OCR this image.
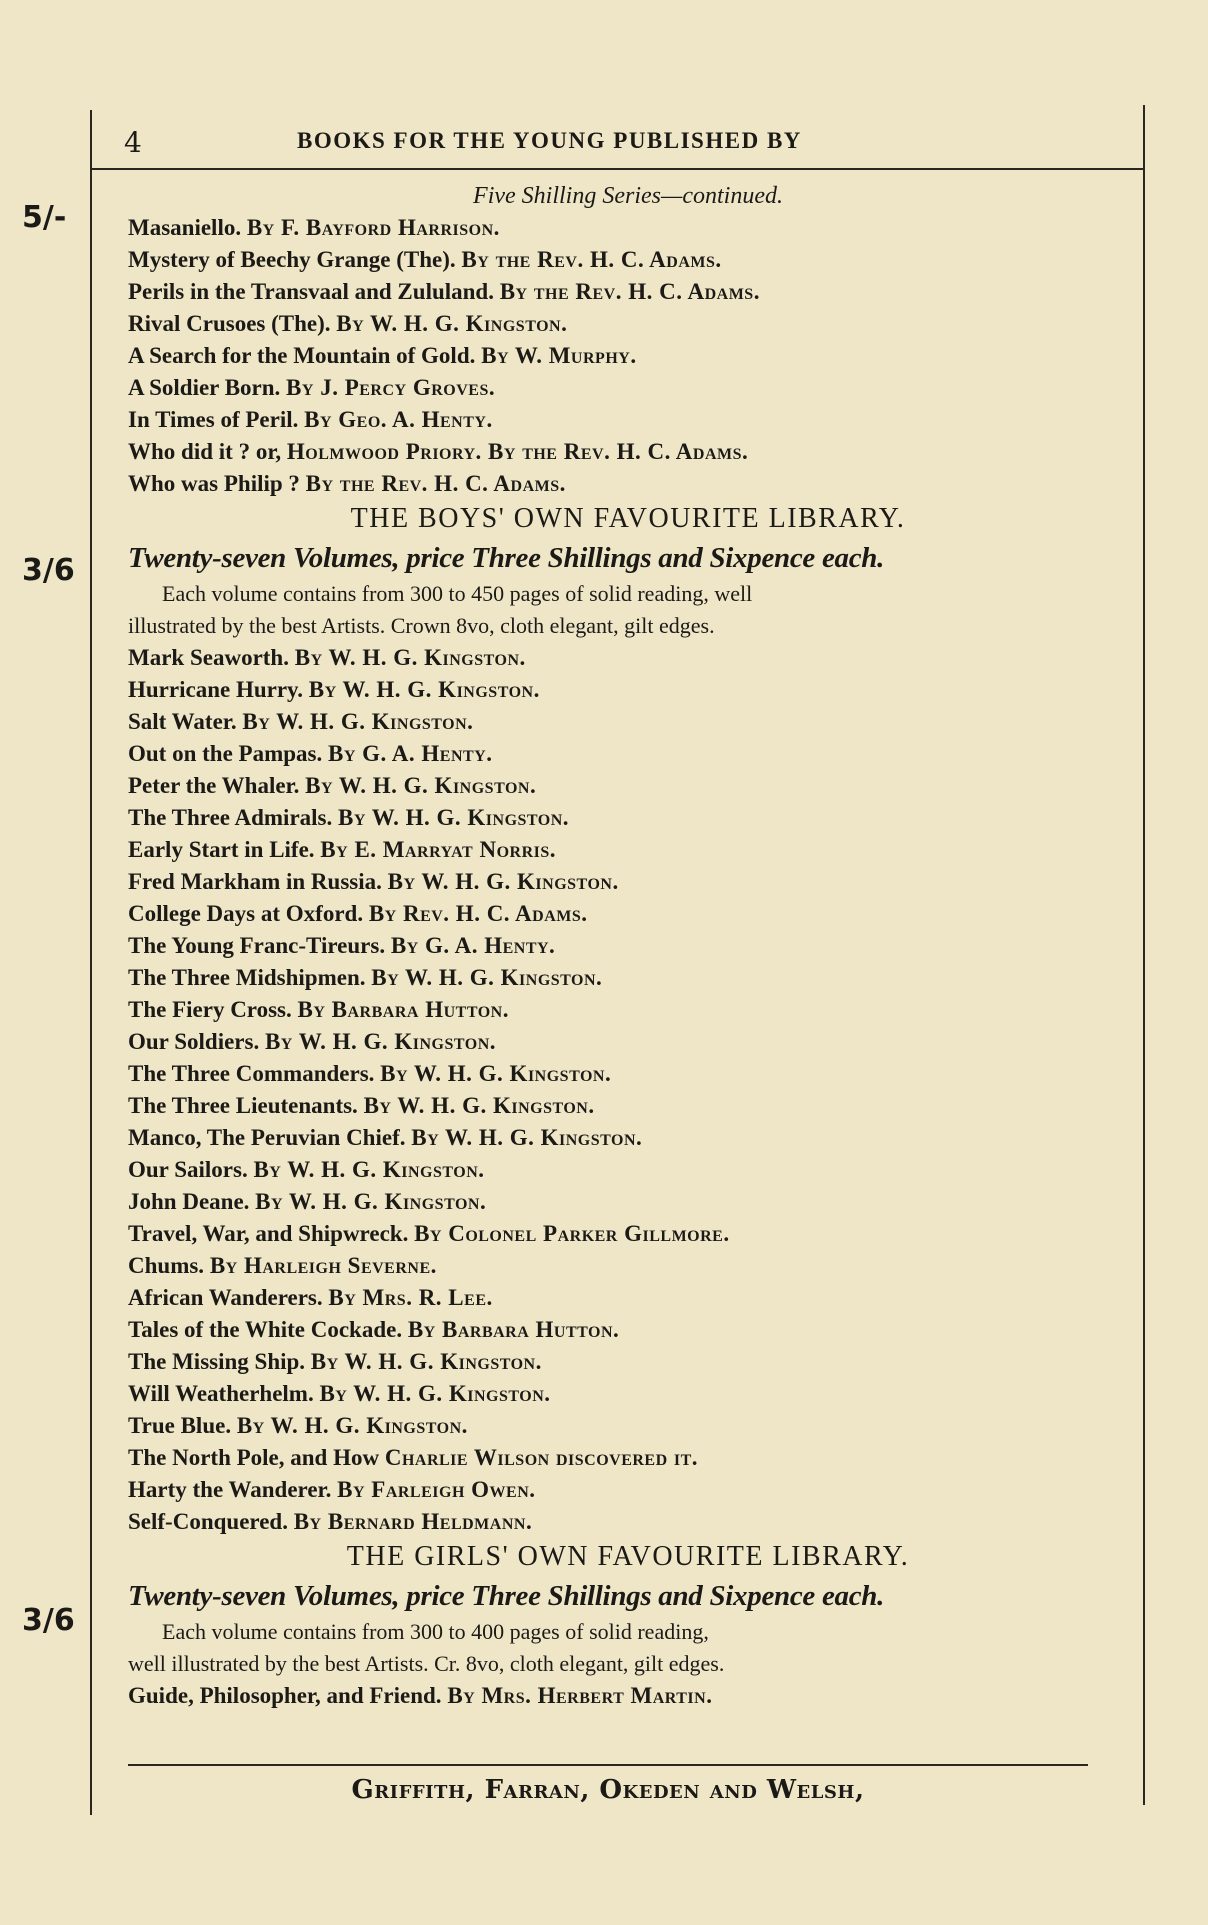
4	BOOKS FOR THE YOUNG PUBLISHED BY
5/-
3/6
3/6
Five Shilling Series—continued.
Masaniello. By F. Bayford Harrison.
Mystery of Beechy Grange (The). By the Rev. H. C. Adams.
Perils in the Transvaal and Zululand. By the Rev. H. C. Adams.
Rival Crusoes (The). By W. H. G. Kingston.
A Search for the Mountain of Gold. By W. Murphy.
A Soldier Born. By J. Percy Groves.
In Times of Peril. By Geo. A. Henty.
Who did it ? or, Holmwood Priory. By the Rev. H. C. Adams.
Who was Philip ? By the Rev. H. C. Adams.
THE BOYS' OWN FAVOURITE LIBRARY.
Twenty-seven Volumes, price Three Shillings and Sixpence each.
Each volume contains from 300 to 450 pages of solid reading, well
illustrated by the best Artists. Crown 8vo, cloth elegant, gilt edges.
Mark Seaworth. By W. H. G. Kingston.
Hurricane Hurry. By W. H. G. Kingston.
Salt Water. By W. H. G. Kingston.
Out on the Pampas. By G. A. Henty.
Peter the Whaler. By W. H. G. Kingston.
The Three Admirals. By W. H. G. Kingston.
Early Start in Life. By E. Marryat Norris.
Fred Markham in Russia. By W. H. G. Kingston.
College Days at Oxford. By Rev. H. C. Adams.
The Young Franc-Tireurs. By G. A. Henty.
The Three Midshipmen. By W. H. G. Kingston.
The Fiery Cross. By Barbara Hutton.
Our Soldiers. By W. H. G. Kingston.
The Three Commanders. By W. H. G. Kingston.
The Three Lieutenants. By W. H. G. Kingston.
Manco, The Peruvian Chief. By W. H. G. Kingston.
Our Sailors. By W. H. G. Kingston.
John Deane. By W. H. G. Kingston.
Travel, War, and Shipwreck. By Colonel Parker Gillmore.
Chums. By Harleigh Severne.
African Wanderers. By Mrs. R. Lee.
Tales of the White Cockade. By Barbara Hutton.
The Missing Ship. By W. H. G. Kingston.
Will Weatherhelm. By W. H. G. Kingston.
True Blue. By W. H. G. Kingston.
The North Pole, and How Charlie Wilson discovered it.
Harty the Wanderer. By Farleigh Owen.
Self-Conquered. By Bernard Heldmann.
THE GIRLS' OWN FAVOURITE LIBRARY.
Twenty-seven Volumes, price Three Shillings and Sixpence each.
Each volume contains from 300 to 400 pages of solid reading,
well illustrated by the best Artists. Cr. 8vo, cloth elegant, gilt edges.
Guide, Philosopher, and Friend. By Mrs. Herbert Martin.
Griffith, Farran, Okeden and Welsh,
